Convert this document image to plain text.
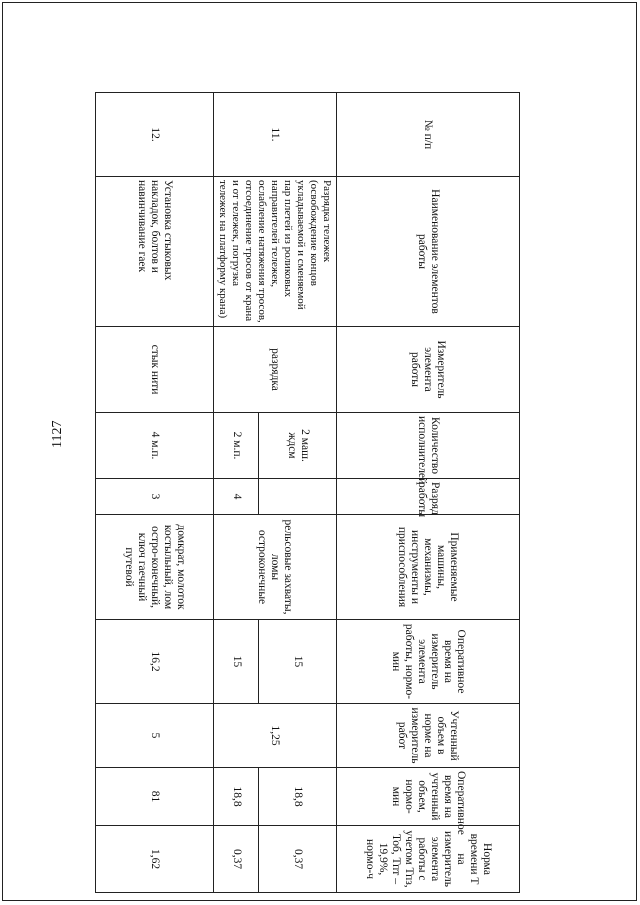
1127
№ п/п	Наименование элементов работы	Измеритель элемента работы	Количество исполнителей	Разряд работы	Применяемые машины, механизмы, инструменты и приспособления	Оперативное время на измеритель элемента работы, нормо-мин	Учтенный объем в норме на измеритель работ	Оперативное время на учтенный объем, нормо-мин	Норма времени Т на измеритель элемента работы с учетом Тпз, Тоб, Тпт – 19,9%, нормо-ч
11.	Разрядка тележек (освобождение концов укладываемой и сменяемой пар плетей из роликовых направителей тележек, ослабление натяжения тросов, отсоединение тросов от крана и от тележек, погрузка тележек на платформу крана)	разрядка	2 маш. ждсм		рельсовые захваты, ломы остроконечные	15	1,25	18,8	0,37
			2 м.п.	4		15		18,8	0,37
12.	Установка стыковых накладок, болтов и навинчивание гаек	стык нити	4 м.п.	3	домкрат, молоток костыльный, лом остро-конечный, ключ гаечный путевой	16,2	5	81	1,62
